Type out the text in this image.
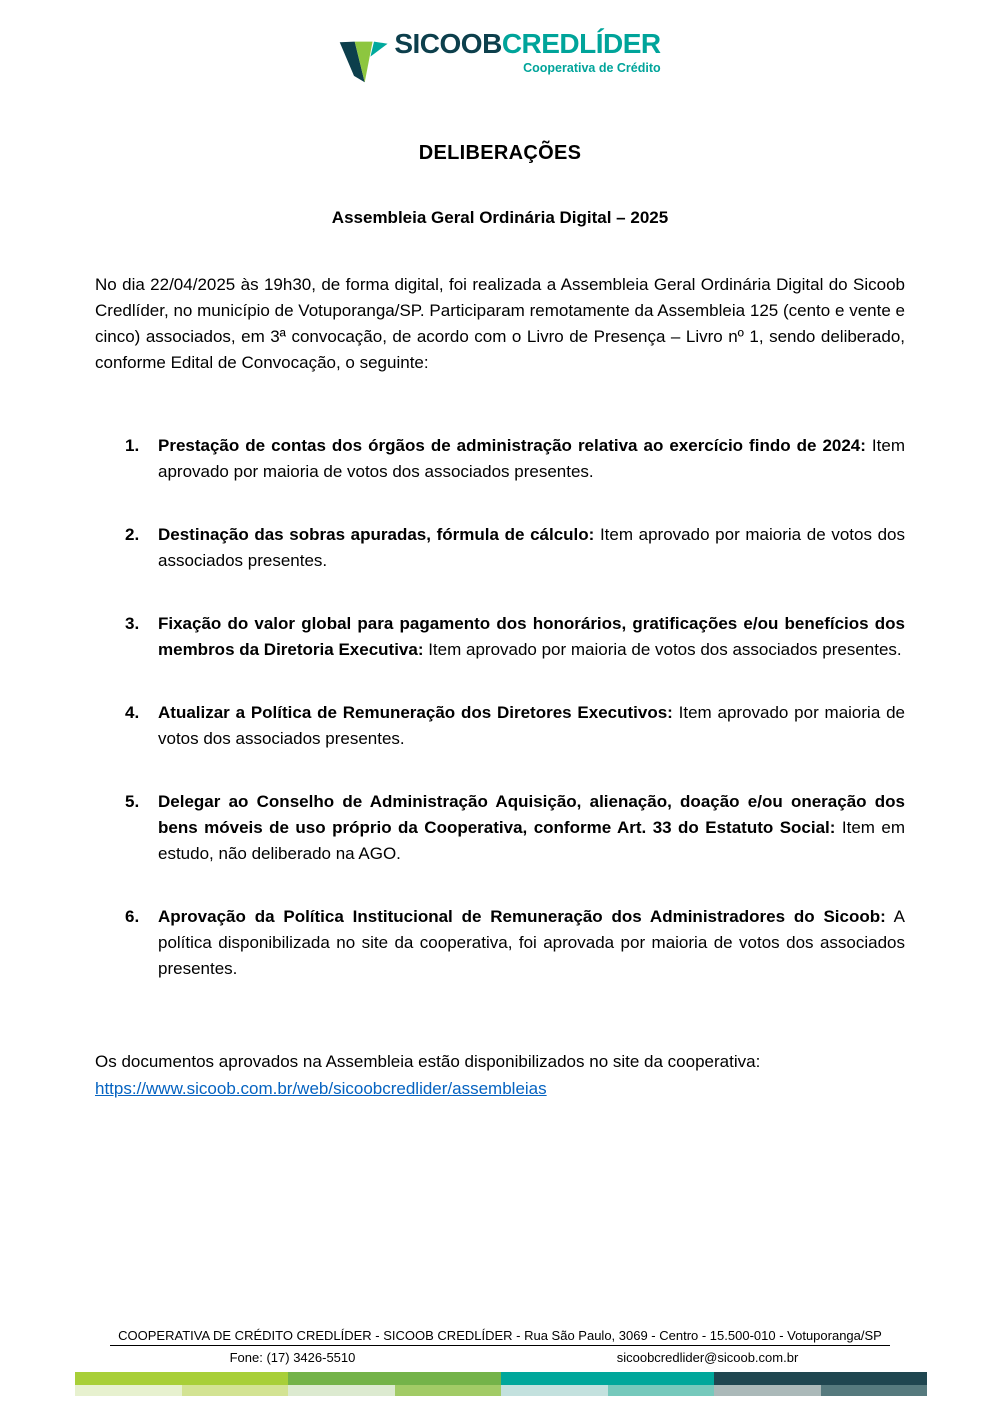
SICOOBCREDLÍDER
Cooperativa de Crédito
DELIBERAÇÕES
Assembleia Geral Ordinária Digital – 2025

No dia 22/04/2025 às 19h30, de forma digital, foi realizada a Assembleia Geral Ordinária Digital do Sicoob Credlíder, no município de Votuporanga/SP. Participaram remotamente da Assembleia 125 (cento e vente e cinco) associados, em 3ª convocação, de acordo com o Livro de Presença – Livro nº 1, sendo deliberado, conforme Edital de Convocação, o seguinte:

1.	Prestação de contas dos órgãos de administração relativa ao exercício findo de 2024: Item aprovado por maioria de votos dos associados presentes.
2.	Destinação das sobras apuradas, fórmula de cálculo: Item aprovado por maioria de votos dos associados presentes.
3.	Fixação do valor global para pagamento dos honorários, gratificações e/ou benefícios dos membros da Diretoria Executiva: Item aprovado por maioria de votos dos associados presentes.
4.	Atualizar a Política de Remuneração dos Diretores Executivos: Item aprovado por maioria de votos dos associados presentes.
5.	Delegar ao Conselho de Administração Aquisição, alienação, doação e/ou oneração dos bens móveis de uso próprio da Cooperativa, conforme Art. 33 do Estatuto Social: Item em estudo, não deliberado na AGO.
6.	Aprovação da Política Institucional de Remuneração dos Administradores do Sicoob: A política disponibilizada no site da cooperativa, foi aprovada por maioria de votos dos associados presentes.

Os documentos aprovados na Assembleia estão disponibilizados no site da cooperativa:
https://www.sicoob.com.br/web/sicoobcredlider/assembleias

COOPERATIVA DE CRÉDITO CREDLÍDER - SICOOB CREDLÍDER - Rua São Paulo, 3069 - Centro - 15.500-010 - Votuporanga/SP
Fone: (17) 3426-5510	sicoobcredlider@sicoob.com.br
